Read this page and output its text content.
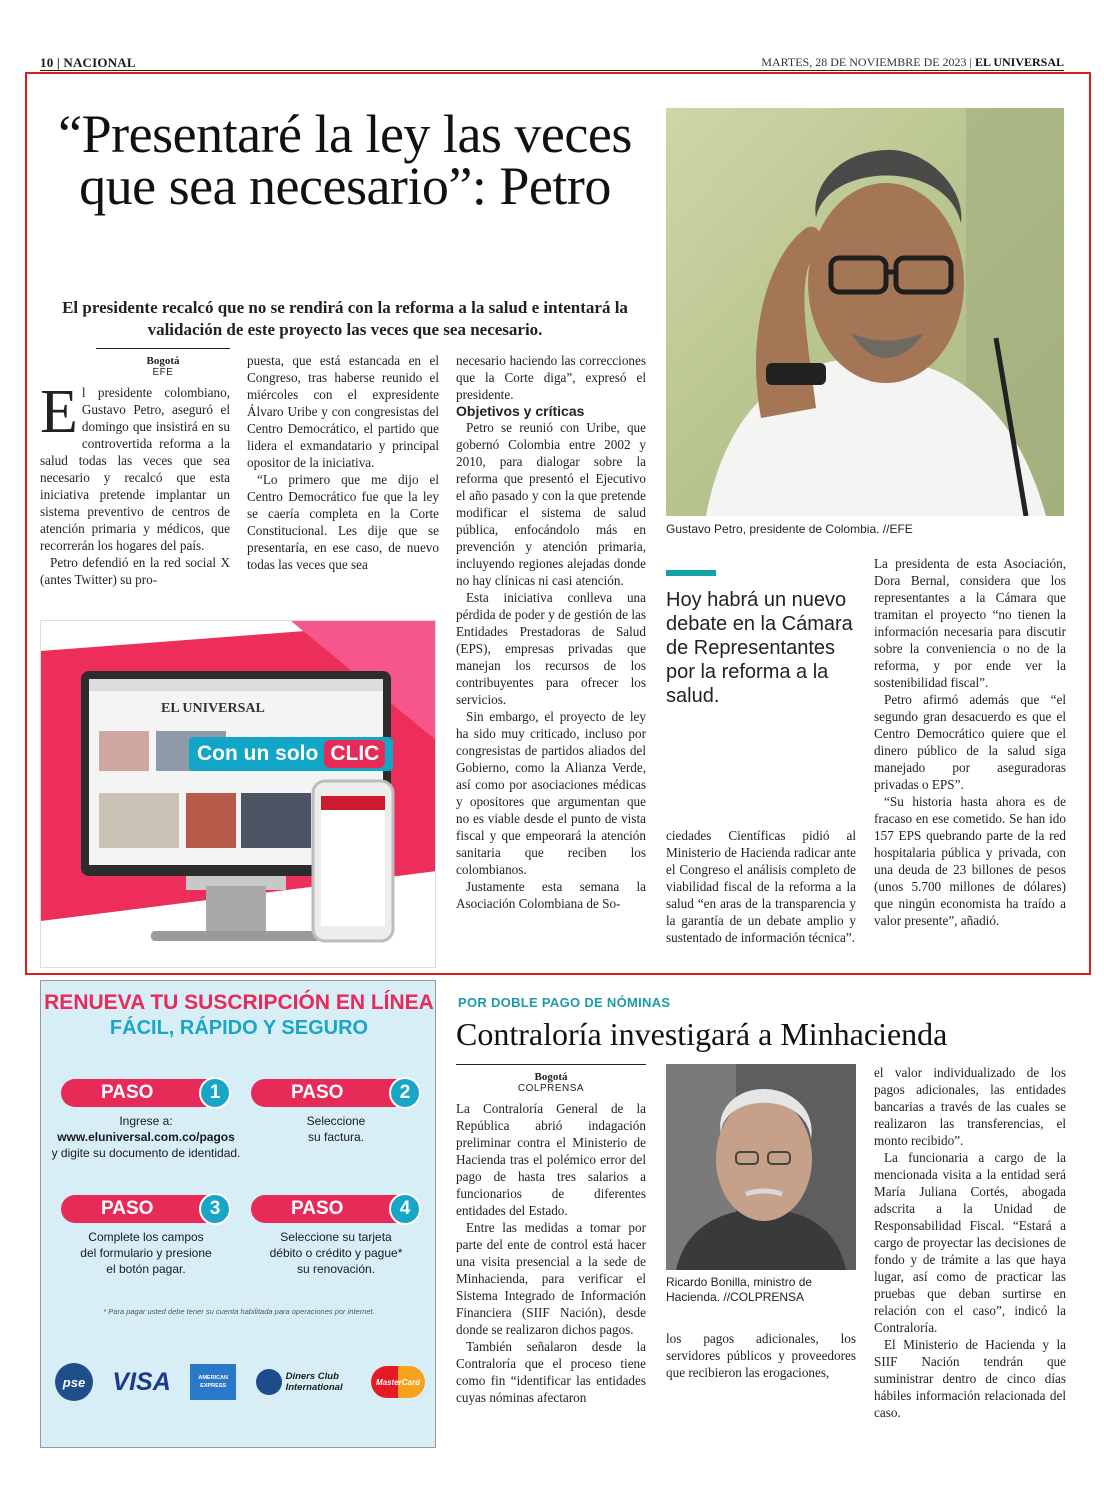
10 | NACIONAL	MARTES, 28 DE NOVIEMBRE DE 2023 | EL UNIVERSAL
“Presentaré la ley las veces que sea necesario”: Petro

El presidente recalcó que no se rendirá con la reforma a la salud e intentará la validación de este proyecto las veces que sea necesario.

Bogotá
EFE

El presidente colombiano, Gustavo Petro, aseguró el domingo que insistirá en su controvertida reforma a la salud todas las veces que sea necesario y recalcó que esta iniciativa pretende implantar un sistema preventivo de centros de atención primaria y médicos, que recorrerán los hogares del país.

Petro defendió en la red social X (antes Twitter) su pro-

puesta, que está estancada en el Congreso, tras haberse reunido el miércoles con el expresidente Álvaro Uribe y con congresistas del Centro Democrático, el partido que lidera el exmandatario y principal opositor de la iniciativa.

“Lo primero que me dijo el Centro Democrático fue que la ley se caería completa en la Corte Constitucional. Les dije que se presentaría, en ese caso, de nuevo todas las veces que sea

necesario haciendo las correcciones que la Corte diga”, expresó el presidente.

Objetivos y críticas

Petro se reunió con Uribe, que gobernó Colombia entre 2002 y 2010, para dialogar sobre la reforma que presentó el Ejecutivo el año pasado y con la que pretende modificar el sistema de salud pública, enfocándolo más en prevención y atención primaria, incluyendo regiones alejadas donde no hay clínicas ni casi atención.

Esta iniciativa conlleva una pérdida de poder y de gestión de las Entidades Prestadoras de Salud (EPS), empresas privadas que manejan los recursos de los contribuyentes para ofrecer los servicios.

Sin embargo, el proyecto de ley ha sido muy criticado, incluso por congresistas de partidos aliados del Gobierno, como la Alianza Verde, así como por asociaciones médicas y opositores que argumentan que no es viable desde el punto de vista fiscal y que empeorará la atención sanitaria que reciben los colombianos.

Justamente esta semana la Asociación Colombiana de So-

ciedades Científicas pidió al Ministerio de Hacienda radicar ante el Congreso el análisis completo de viabilidad fiscal de la reforma a la salud “en aras de la transparencia y la garantía de un debate amplio y sustentado de información técnica”.

La presidenta de esta Asociación, Dora Bernal, considera que los representantes a la Cámara que tramitan el proyecto “no tienen la información necesaria para discutir sobre la conveniencia o no de la reforma, y por ende ver la sostenibilidad fiscal”.

Petro afirmó además que “el segundo gran desacuerdo es que el Centro Democrático quiere que el dinero público de la salud siga manejado por aseguradoras privadas o EPS”.

“Su historia hasta ahora es de fracaso en ese cometido. Se han ido 157 EPS quebrando parte de la red hospitalaria pública y privada, con una deuda de 23 billones de pesos (unos 5.700 millones de dólares) que ningún economista ha traído a valor presente”, añadió.

Gustavo Petro, presidente de Colombia. //EFE
Hoy habrá un nuevo debate en la Cámara de Representantes por la reforma a la salud.
EL UNIVERSAL
Con un solo CLIC
RENUEVA TU SUSCRIPCIÓN EN LÍNEA
FÁCIL, RÁPIDO Y SEGURO
PASO	1
Ingrese a:
www.eluniversal.com.co/pagos
y digite su documento de identidad.
PASO	2
Seleccione
su factura.
PASO	3
Complete los campos
del formulario y presione
el botón pagar.
PASO	4
Seleccione su tarjeta
débito o crédito y pague*
su renovación.
* Para pagar usted debe tener su cuenta habilitada para operaciones por internet.
pse	VISA	AMERICAN EXPRESS
Diners Club International	MasterCard
POR DOBLE PAGO DE NÓMINAS
Contraloría investigará a Minhacienda
Bogotá
COLPRENSA

La Contraloría General de la República abrió indagación preliminar contra el Ministerio de Hacienda tras el polémico error del pago de hasta tres salarios a funcionarios de diferentes entidades del Estado.

Entre las medidas a tomar por parte del ente de control está hacer una visita presencial a la sede de Minhacienda, para verificar el Sistema Integrado de Información Financiera (SIIF Nación), desde donde se realizaron dichos pagos.

También señalaron desde la Contraloría que el proceso tiene como fin “identificar las entidades cuyas nóminas afectaron

Ricardo Bonilla, ministro de Hacienda. //COLPRENSA

los pagos adicionales, los servidores públicos y proveedores que recibieron las erogaciones,

el valor individualizado de los pagos adicionales, las entidades bancarias a través de las cuales se realizaron las transferencias, el monto recibido”.

La funcionaria a cargo de la mencionada visita a la entidad será María Juliana Cortés, abogada adscrita a la Unidad de Responsabilidad Fiscal. “Estará a cargo de proyectar las decisiones de fondo y de trámite a las que haya lugar, así como de practicar las pruebas que deban surtirse en relación con el caso”, indicó la Contraloría.

El Ministerio de Hacienda y la SIIF Nación tendrán que suministrar dentro de cinco días hábiles información relacionada del caso.
